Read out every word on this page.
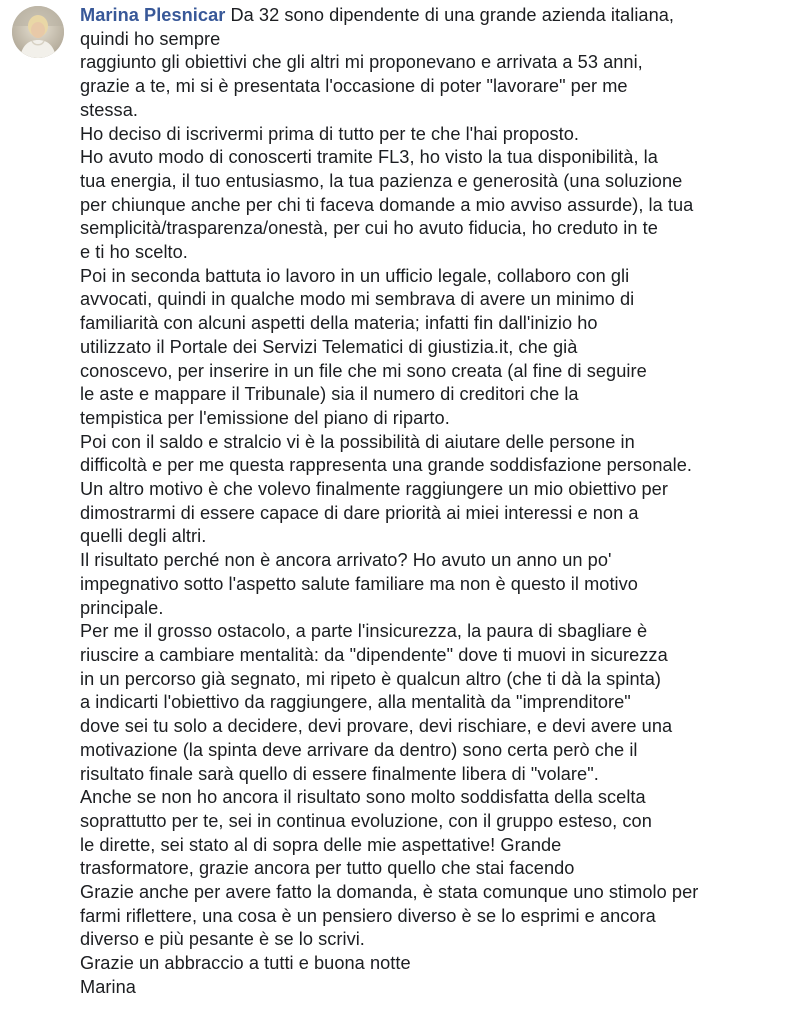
Marina Plesnicar Da 32 sono dipendente di una grande azienda italiana,

quindi ho sempre

raggiunto gli obiettivi che gli altri mi proponevano e arrivata a 53 anni,

grazie a te, mi si è presentata l'occasione di poter "lavorare" per me

stessa.

Ho deciso di iscrivermi prima di tutto per te che l'hai proposto.

Ho avuto modo di conoscerti tramite FL3, ho visto la tua disponibilità, la

tua energia, il tuo entusiasmo, la tua pazienza e generosità (una soluzione

per chiunque anche per chi ti faceva domande a mio avviso assurde), la tua

semplicità/trasparenza/onestà, per cui ho avuto fiducia, ho creduto in te

e ti ho scelto.

Poi in seconda battuta io lavoro in un ufficio legale, collaboro con gli

avvocati, quindi in qualche modo mi sembrava di avere un minimo di

familiarità con alcuni aspetti della materia; infatti fin dall'inizio ho

utilizzato il Portale dei Servizi Telematici di giustizia.it, che già

conoscevo, per inserire in un file che mi sono creata (al fine di seguire

le aste e mappare il Tribunale) sia il numero di creditori che la

tempistica per l'emissione del piano di riparto.

Poi con il saldo e stralcio vi è la possibilità di aiutare delle persone in

difficoltà e per me questa rappresenta una grande soddisfazione personale.

Un altro motivo è che volevo finalmente raggiungere un mio obiettivo per

dimostrarmi di essere capace di dare priorità ai miei interessi e non a

quelli degli altri.

Il risultato perché non è ancora arrivato? Ho avuto un anno un po'

impegnativo sotto l'aspetto salute familiare ma non è questo il motivo

principale.

Per me il grosso ostacolo, a parte l'insicurezza, la paura di sbagliare è

riuscire a cambiare mentalità: da "dipendente" dove ti muovi in sicurezza

in un percorso già segnato, mi ripeto è qualcun altro (che ti dà la spinta)

a indicarti l'obiettivo da raggiungere, alla mentalità da "imprenditore"

dove sei tu solo a decidere, devi provare, devi rischiare, e devi avere una

motivazione (la spinta deve arrivare da dentro) sono certa però che il

risultato finale sarà quello di essere finalmente libera di "volare".

Anche se non ho ancora il risultato sono molto soddisfatta della scelta

soprattutto per te, sei in continua evoluzione, con il gruppo esteso, con

le dirette, sei stato al di sopra delle mie aspettative! Grande

trasformatore, grazie ancora per tutto quello che stai facendo

Grazie anche per avere fatto la domanda, è stata comunque uno stimolo per

farmi riflettere, una cosa è un pensiero diverso è se lo esprimi e ancora

diverso e più pesante è se lo scrivi.

Grazie un abbraccio a tutti e buona notte

Marina
